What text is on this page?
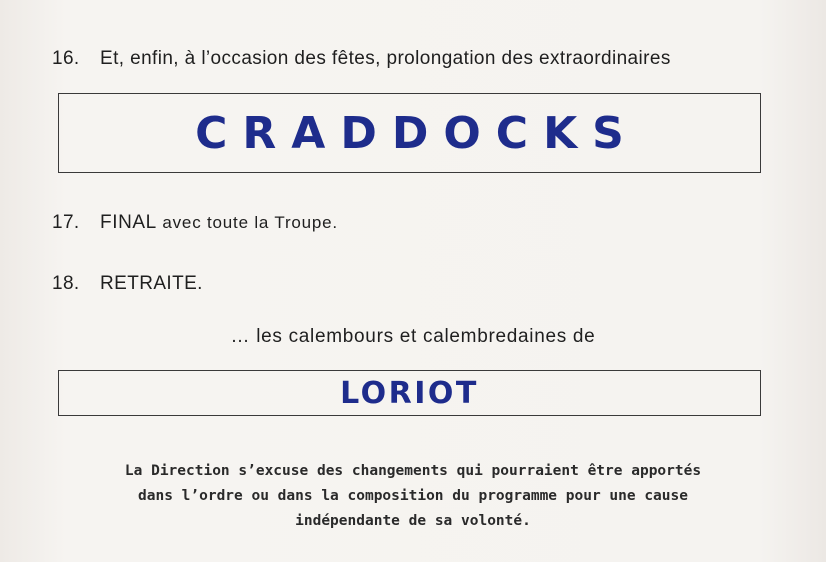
16. Et, enfin, à l’occasion des fêtes, prolongation des extraordinaires
CRADDOCKS
17. FINAL avec toute la Troupe.
18. RETRAITE.
… les calembours et calembredaines de
LORIOT
La Direction s’excuse des changements qui pourraient être apportés
dans l’ordre ou dans la composition du programme pour une cause
indépendante de sa volonté.
